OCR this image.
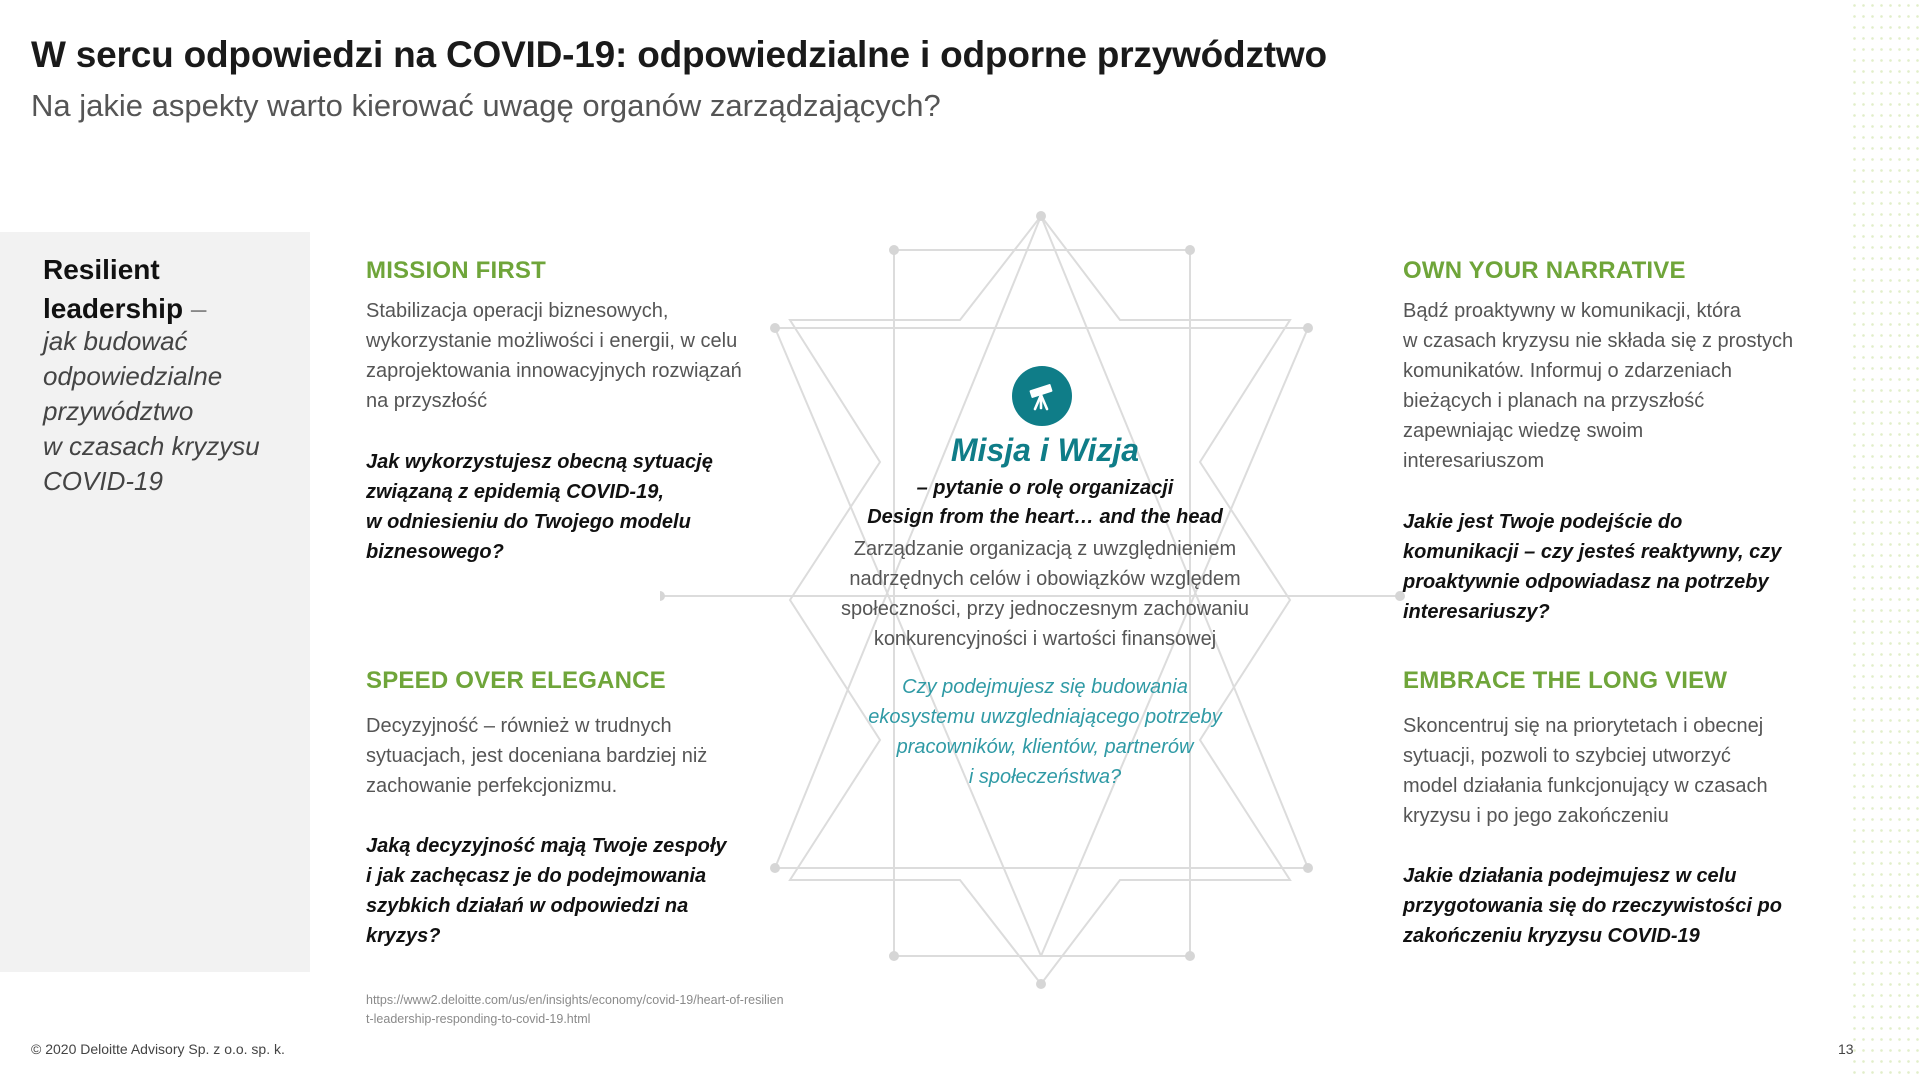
W sercu odpowiedzi na COVID-19: odpowiedzialne i odporne przywództwo

Na jakie aspekty warto kierować uwagę organów zarządzających?

Resilient
leadership –
jak budować
odpowiedzialne
przywództwo
w czasach kryzysu
COVID-19
MISSION FIRST
Stabilizacja operacji biznesowych,
wykorzystanie możliwości i energii, w celu
zaprojektowania innowacyjnych rozwiązań
na przyszłość
Jak wykorzystujesz obecną sytuację
związaną z epidemią COVID-19,
w odniesieniu do Twojego modelu
biznesowego?
SPEED OVER ELEGANCE
Decyzyjność – również w trudnych
sytuacjach, jest doceniana bardziej niż
zachowanie perfekcjonizmu.
Jaką decyzyjność mają Twoje zespoły
i jak zachęcasz je do podejmowania
szybkich działań w odpowiedzi na
kryzys?
OWN YOUR NARRATIVE
Bądź proaktywny w komunikacji, która
w czasach kryzysu nie składa się z prostych
komunikatów. Informuj o zdarzeniach
bieżących i planach na przyszłość
zapewniając wiedzę swoim
interesariuszom
Jakie jest Twoje podejście do
komunikacji – czy jesteś reaktywny, czy
proaktywnie odpowiadasz na potrzeby
interesariuszy?
EMBRACE THE LONG VIEW
Skoncentruj się na priorytetach i obecnej
sytuacji, pozwoli to szybciej utworzyć
model działania funkcjonujący w czasach
kryzysu i po jego zakończeniu
Jakie działania podejmujesz w celu
przygotowania się do rzeczywistości po
zakończeniu kryzysu COVID-19
Misja i Wizja
– pytanie o rolę organizacji
Design from the heart… and the head
Zarządzanie organizacją z uwzględnieniem
nadrzędnych celów i obowiązków względem
społeczności, przy jednoczesnym zachowaniu
konkurencyjności i wartości finansowej
Czy podejmujesz się budowania
ekosystemu uwzgledniającego potrzeby
pracowników, klientów, partnerów
i społeczeństwa?
https://www2.deloitte.com/us/en/insights/economy/covid-19/heart-of-resilient-leadership-responding-to-covid-19.html
© 2020 Deloitte Advisory Sp. z o.o. sp. k.	13
